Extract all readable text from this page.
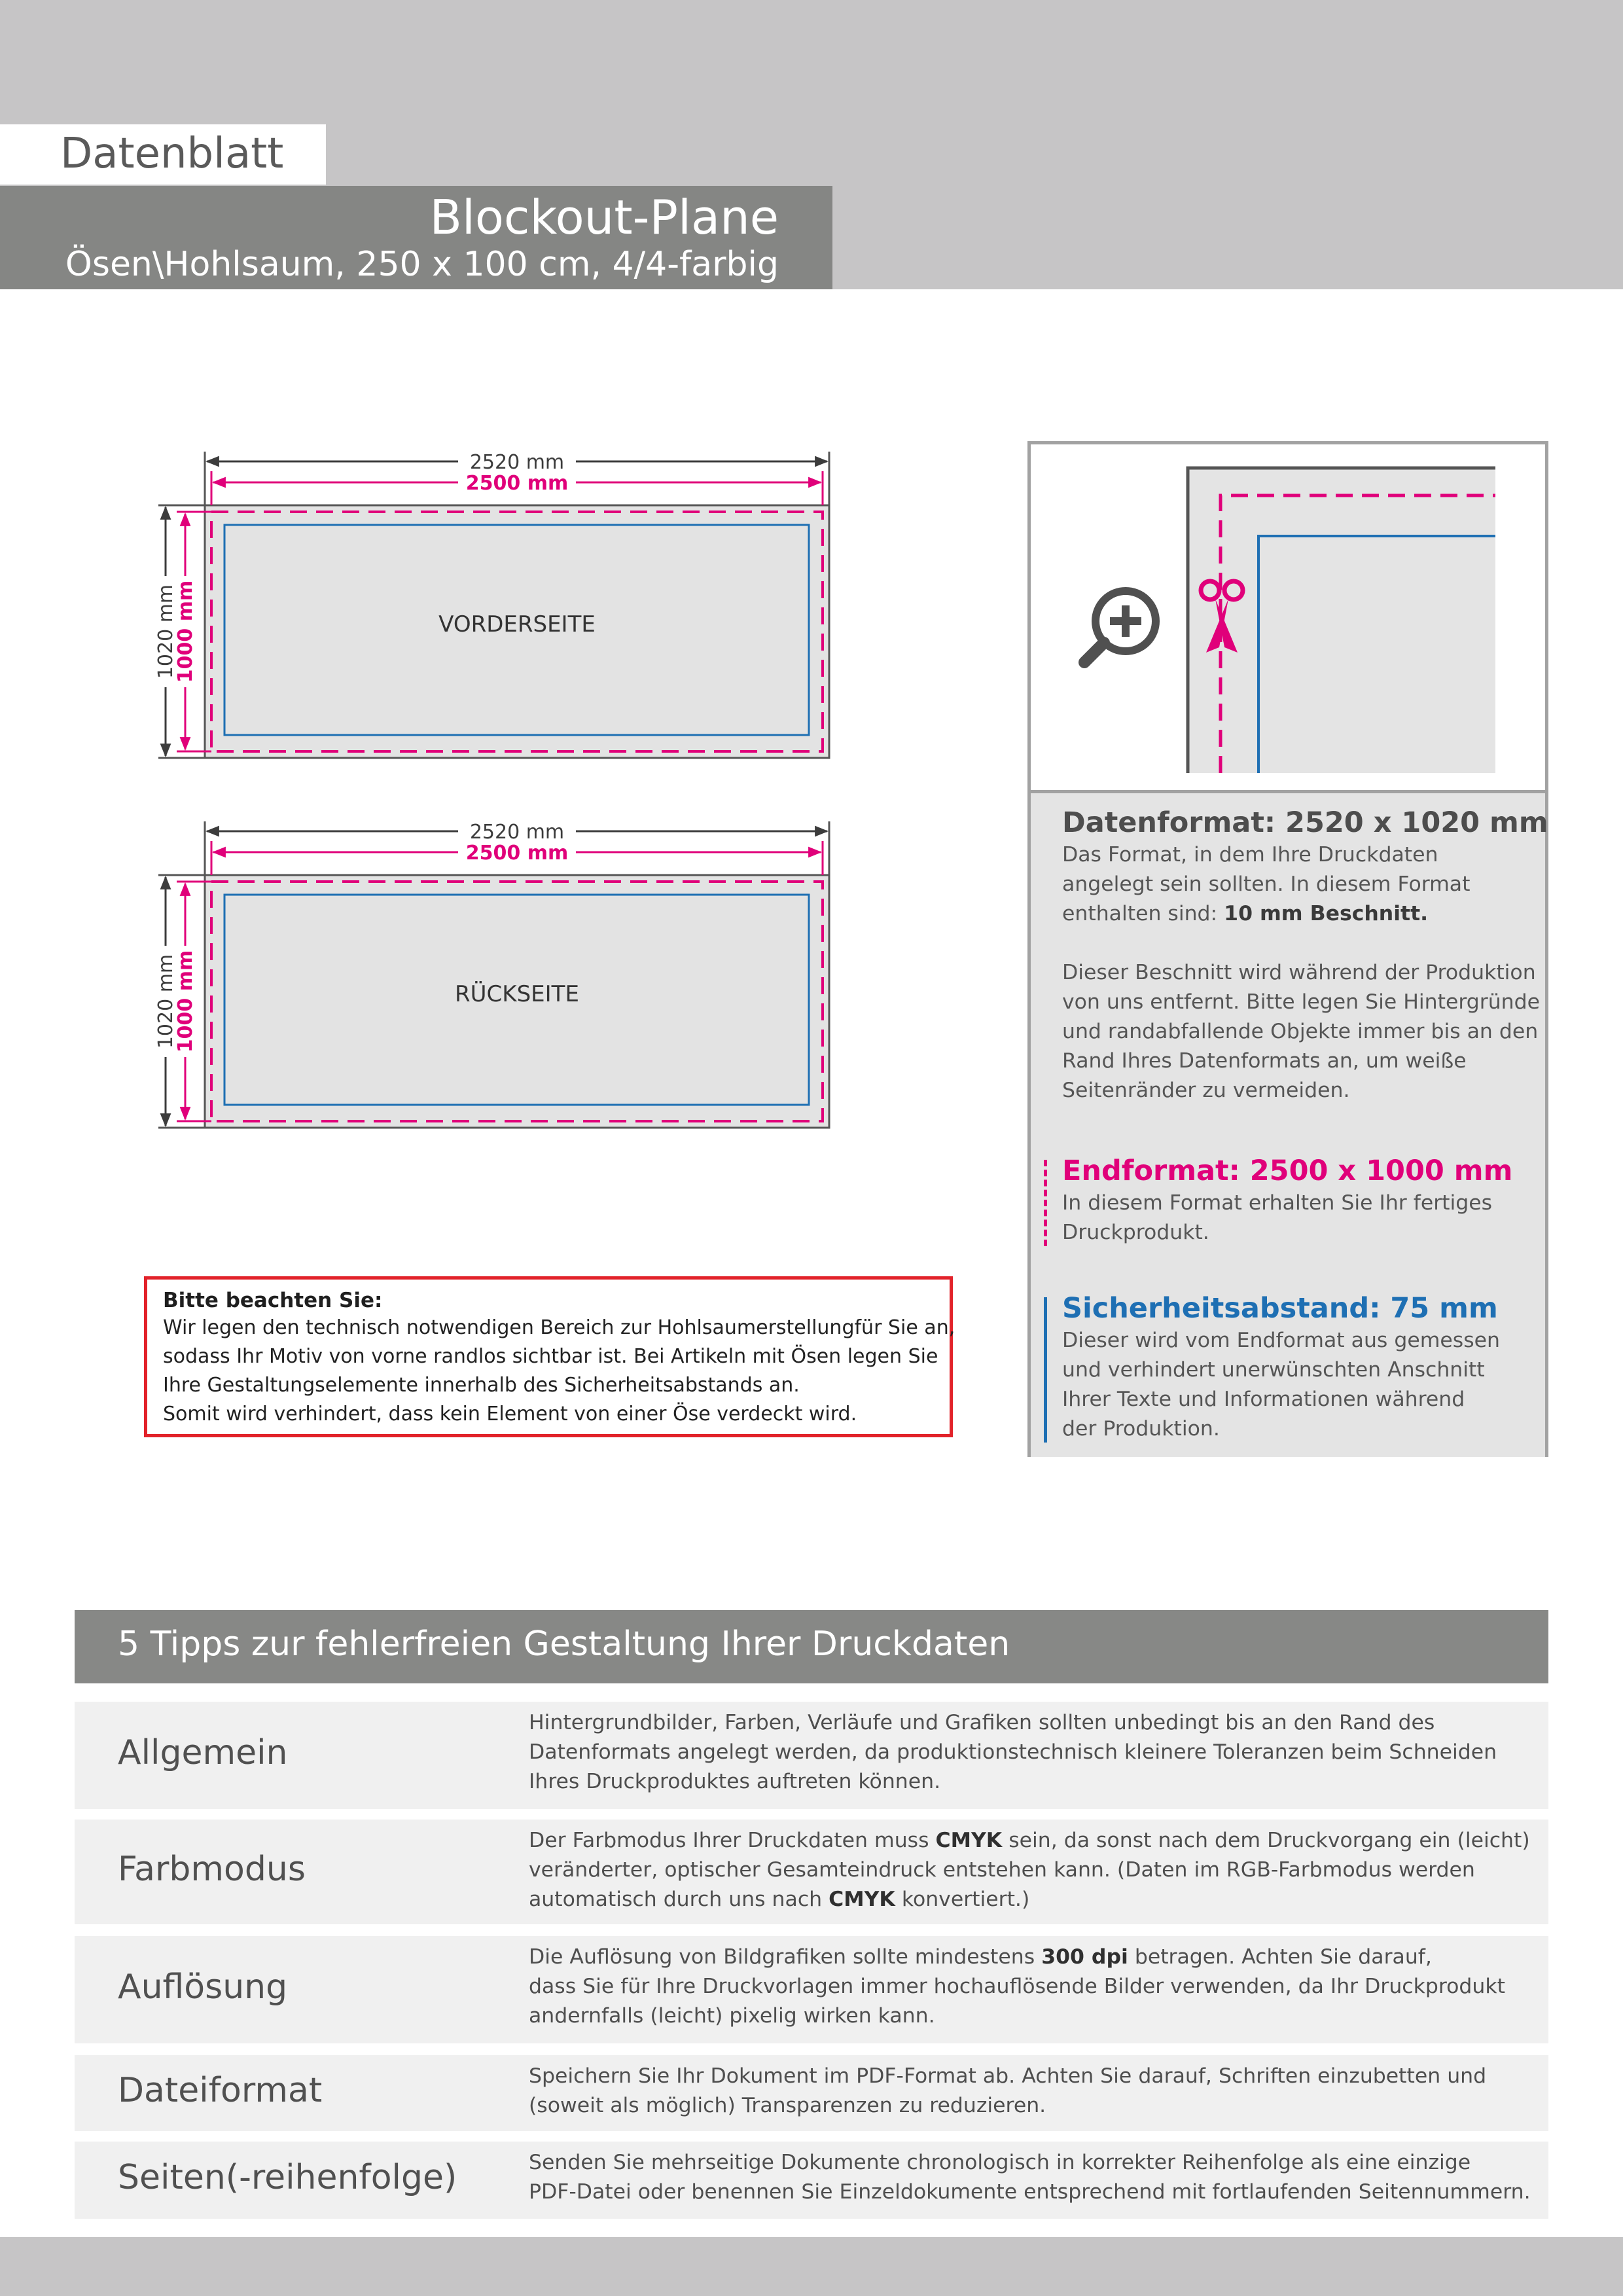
Datenblatt
Blockout-Plane
Ösen\Hohlsaum, 250 x 100 cm, 4/4-farbig
VORDERSEITE
2520 mm
2500 mm
1020 mm
1000 mm
RÜCKSEITE
2520 mm
2500 mm
1020 mm
1000 mm
Bitte beachten Sie:
Wir legen den technisch notwendigen Bereich zur Hohlsaumerstellungfür Sie an,
sodass Ihr Motiv von vorne randlos sichtbar ist. Bei Artikeln mit Ösen legen Sie
Ihre Gestaltungselemente innerhalb des Sicherheitsabstands an.
Somit wird verhindert, dass kein Element von einer Öse verdeckt wird.
Datenformat: 2520 x 1020 mm
Das Format, in dem Ihre Druckdaten
angelegt sein sollten. In diesem Format
enthalten sind: 10 mm Beschnitt.
Dieser Beschnitt wird während der Produktion
von uns entfernt. Bitte legen Sie Hintergründe
und randabfallende Objekte immer bis an den
Rand Ihres Datenformats an, um weiße
Seitenränder zu vermeiden.
Endformat: 2500 x 1000 mm
In diesem Format erhalten Sie Ihr fertiges
Druckprodukt.
Sicherheitsabstand: 75 mm
Dieser wird vom Endformat aus gemessen
und verhindert unerwünschten Anschnitt
Ihrer Texte und Informationen während
der Produktion.
5 Tipps zur fehlerfreien Gestaltung Ihrer Druckdaten
Allgemein
Hintergrundbilder, Farben, Verläufe und Grafiken sollten unbedingt bis an den Rand des
Datenformats angelegt werden, da produktionstechnisch kleinere Toleranzen beim Schneiden
Ihres Druckproduktes auftreten können.
Farbmodus
Der Farbmodus Ihrer Druckdaten muss CMYK sein, da sonst nach dem Druckvorgang ein (leicht)
veränderter, optischer Gesamteindruck entstehen kann. (Daten im RGB-Farbmodus werden
automatisch durch uns nach CMYK konvertiert.)
Auflösung
Die Auflösung von Bildgrafiken sollte mindestens 300 dpi betragen. Achten Sie darauf,
dass Sie für Ihre Druckvorlagen immer hochauflösende Bilder verwenden, da Ihr Druckprodukt
andernfalls (leicht) pixelig wirken kann.
Dateiformat	Speichern Sie Ihr Dokument im PDF-Format ab. Achten Sie darauf, Schriften einzubetten und
(soweit als möglich) Transparenzen zu reduzieren.
Seiten(-reihenfolge)	Senden Sie mehrseitige Dokumente chronologisch in korrekter Reihenfolge als eine einzige
PDF-Datei oder benennen Sie Einzeldokumente entsprechend mit fortlaufenden Seitennummern.
